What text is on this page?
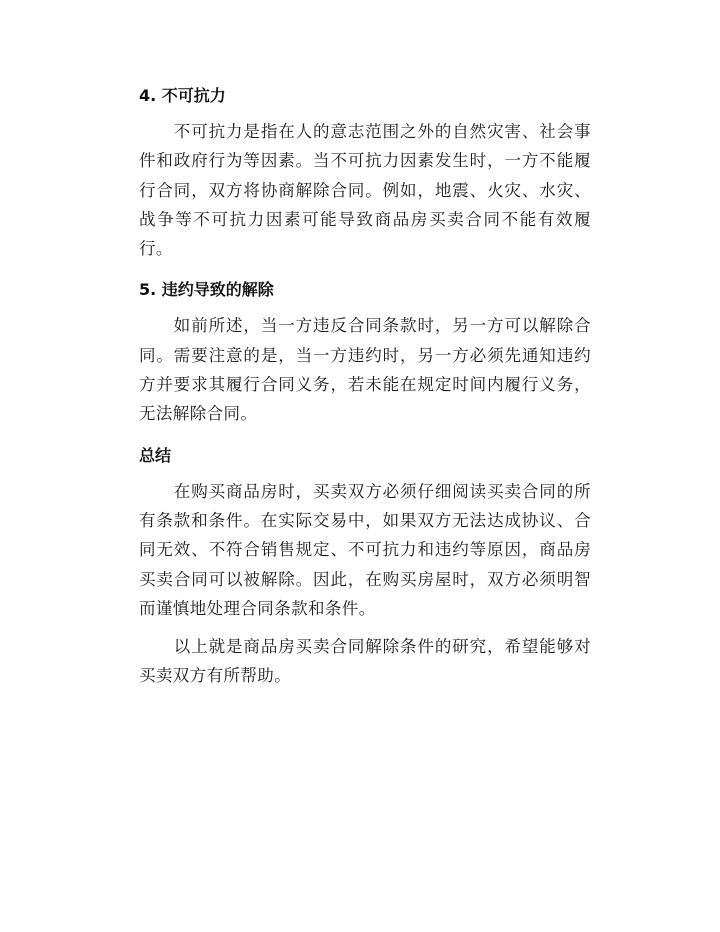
4. 不可抗力

　　不可抗力是指在人的意志范围之外的自然灾害、社会事件和政府行为等因素。当不可抗力因素发生时，一方不能履行合同，双方将协商解除合同。例如，地震、火灾、水灾、战争等不可抗力因素可能导致商品房买卖合同不能有效履行。

5. 违约导致的解除

　　如前所述，当一方违反合同条款时，另一方可以解除合同。需要注意的是，当一方违约时，另一方必须先通知违约方并要求其履行合同义务，若未能在规定时间内履行义务，无法解除合同。

总结

　　在购买商品房时，买卖双方必须仔细阅读买卖合同的所有条款和条件。在实际交易中，如果双方无法达成协议、合同无效、不符合销售规定、不可抗力和违约等原因，商品房买卖合同可以被解除。因此，在购买房屋时，双方必须明智而谨慎地处理合同条款和条件。

　　以上就是商品房买卖合同解除条件的研究，希望能够对买卖双方有所帮助。
